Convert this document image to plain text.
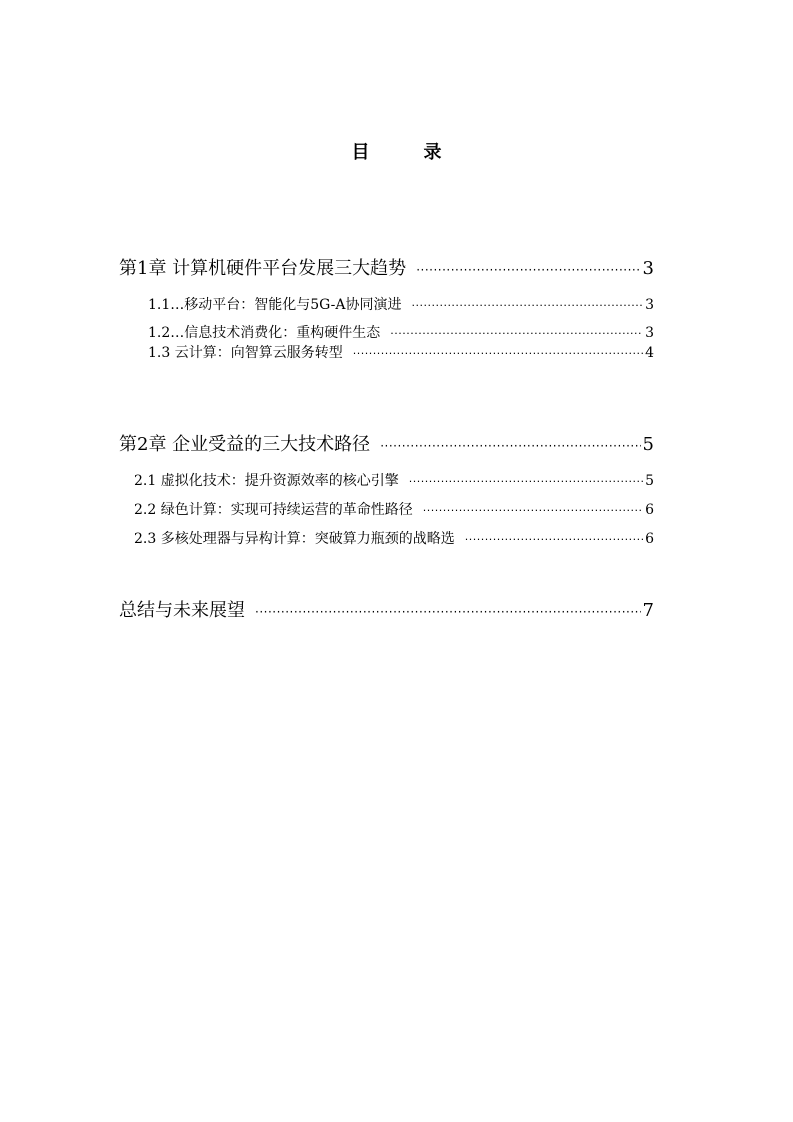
目　录
第1章 计算机硬件平台发展三大趋势 ·····	3
1.1…移动平台：智能化与5G-A协同演进 ·····	3
1.2…信息技术消费化：重构硬件生态 ·····	3
1.3 云计算：向智算云服务转型 ·····	4
第2章 企业受益的三大技术路径 ·····	5
2.1 虚拟化技术：提升资源效率的核心引擎 ·····	5
2.2 绿色计算：实现可持续运营的革命性路径 ·····	6
2.3 多核处理器与异构计算：突破算力瓶颈的战略选 ·····	6
总结与未来展望 ·····	7
